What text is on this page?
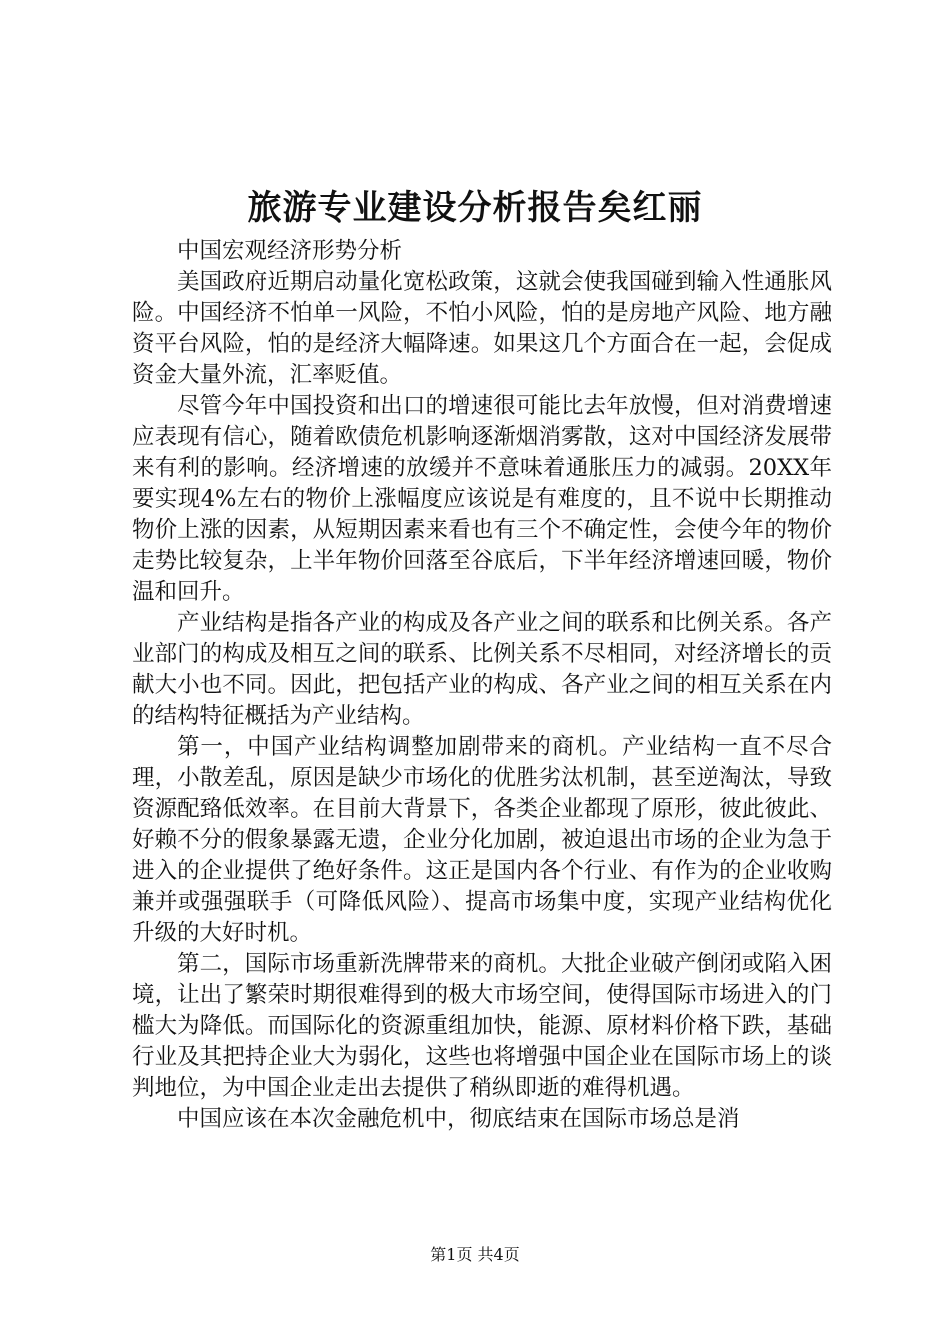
旅游专业建设分析报告矣红丽

中国宏观经济形势分析

美国政府近期启动量化宽松政策，这就会使我国碰到输入性通胀风险。中国经济不怕单一风险，不怕小风险，怕的是房地产风险、地方融资平台风险，怕的是经济大幅降速。如果这几个方面合在一起，会促成资金大量外流，汇率贬值。

尽管今年中国投资和出口的增速很可能比去年放慢，但对消费增速应表现有信心，随着欧债危机影响逐渐烟消雾散，这对中国经济发展带来有利的影响。经济增速的放缓并不意味着通胀压力的减弱。20XX年要实现4%左右的物价上涨幅度应该说是有难度的，且不说中长期推动物价上涨的因素，从短期因素来看也有三个不确定性，会使今年的物价走势比较复杂，上半年物价回落至谷底后，下半年经济增速回暖，物价温和回升。

产业结构是指各产业的构成及各产业之间的联系和比例关系。各产业部门的构成及相互之间的联系、比例关系不尽相同，对经济增长的贡献大小也不同。因此，把包括产业的构成、各产业之间的相互关系在内的结构特征概括为产业结构。

第一，中国产业结构调整加剧带来的商机。产业结构一直不尽合理，小散差乱，原因是缺少市场化的优胜劣汰机制，甚至逆淘汰，导致资源配臵低效率。在目前大背景下，各类企业都现了原形，彼此彼此、好赖不分的假象暴露无遗，企业分化加剧，被迫退出市场的企业为急于进入的企业提供了绝好条件。这正是国内各个行业、有作为的企业收购兼并或强强联手（可降低风险）、提高市场集中度，实现产业结构优化升级的大好时机。

第二，国际市场重新洗牌带来的商机。大批企业破产倒闭或陷入困境，让出了繁荣时期很难得到的极大市场空间，使得国际市场进入的门槛大为降低。而国际化的资源重组加快，能源、原材料价格下跌，基础行业及其把持企业大为弱化，这些也将增强中国企业在国际市场上的谈判地位，为中国企业走出去提供了稍纵即逝的难得机遇。

中国应该在本次金融危机中，彻底结束在国际市场总是消

第1页 共4页
